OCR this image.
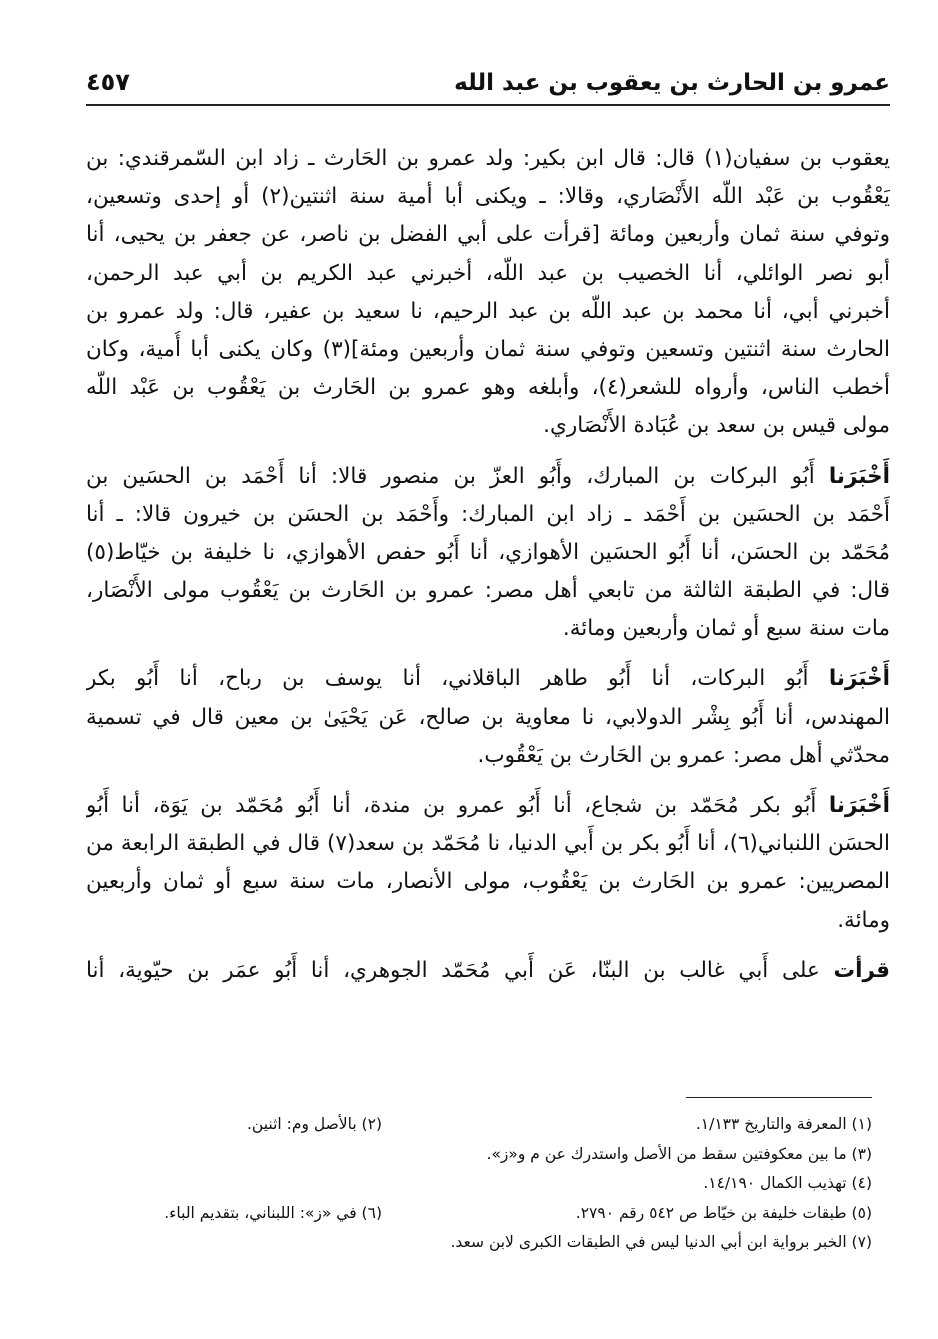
عمرو بن الحارث بن يعقوب بن عبد الله
٤٥٧
يعقوب بن سفيان(١) قال: قال ابن بكير: ولد عمرو بن الحَارث ـ زاد ابن السّمرقندي: بن
يَعْقُوب بن عَبْد اللّه الأَنْصَاري، وقالا: ـ ويكنى أبا أمية سنة اثنتين(٢) أو إحدى وتسعين،
وتوفي سنة ثمان وأربعين ومائة [قرأت على أبي الفضل بن ناصر، عن جعفر بن يحيى، أنا
أبو نصر الوائلي، أنا الخصيب بن عبد اللّه، أخبرني عبد الكريم بن أبي عبد الرحمن،
أخبرني أبي، أنا محمد بن عبد اللّه بن عبد الرحيم، نا سعيد بن عفير، قال: ولد عمرو بن
الحارث سنة اثنتين وتسعين وتوفي سنة ثمان وأربعين ومئة](٣) وكان يكنى أبا أُمية، وكان
أخطب الناس، وأرواه للشعر(٤)، وأبلغه وهو عمرو بن الحَارث بن يَعْقُوب بن عَبْد اللّه
مولى قيس بن سعد بن عُبَادة الأَنْصَاري.
أَخْبَرَنا أَبُو البركات بن المبارك، وأَبُو العزّ بن منصور قالا: أنا أَحْمَد بن الحسَين بن
أَحْمَد بن الحسَين بن أَحْمَد ـ زاد ابن المبارك: وأَحْمَد بن الحسَن بن خيرون قالا: ـ أنا
مُحَمّد بن الحسَن، أنا أَبُو الحسَين الأهوازي، أنا أَبُو حفص الأهوازي، نا خليفة بن خيّاط(٥)
قال: في الطبقة الثالثة من تابعي أهل مصر: عمرو بن الحَارث بن يَعْقُوب مولى الأَنْصَار،
مات سنة سبع أو ثمان وأربعين ومائة.
أَخْبَرَنا أَبُو البركات، أنا أَبُو طاهر الباقلاني، أنا يوسف بن رباح، أنا أَبُو بكر
المهندس، أنا أَبُو بِشْر الدولابي، نا معاوية بن صالح، عَن يَحْيَىٰ بن معين قال في تسمية
محدّثي أهل مصر: عمرو بن الحَارث بن يَعْقُوب.
أَخْبَرَنا أَبُو بكر مُحَمّد بن شجاع، أنا أَبُو عمرو بن مندة، أنا أَبُو مُحَمّد بن يَوَة، أنا أَبُو
الحسَن اللنباني(٦)، أنا أَبُو بكر بن أَبي الدنيا، نا مُحَمّد بن سعد(٧) قال في الطبقة الرابعة من
المصريين: عمرو بن الحَارث بن يَعْقُوب، مولى الأنصار، مات سنة سبع أو ثمان وأربعين
ومائة.
قرأت على أَبي غالب بن البنّا، عَن أَبي مُحَمّد الجوهري، أنا أَبُو عمَر بن حيّوية، أنا
(١) المعرفة والتاريخ ١/١٣٣.
(٢) بالأصل وم: اثنين.
(٣) ما بين معكوفتين سقط من الأصل واستدرك عن م و«ز».
(٤) تهذيب الكمال ١٤/١٩٠.
(٥) طبقات خليفة بن خيّاط ص ٥٤٢ رقم ٢٧٩٠.
(٦) في «ز»: اللبناني، بتقديم الباء.
(٧) الخبر برواية ابن أبي الدنيا ليس في الطبقات الكبرى لابن سعد.
